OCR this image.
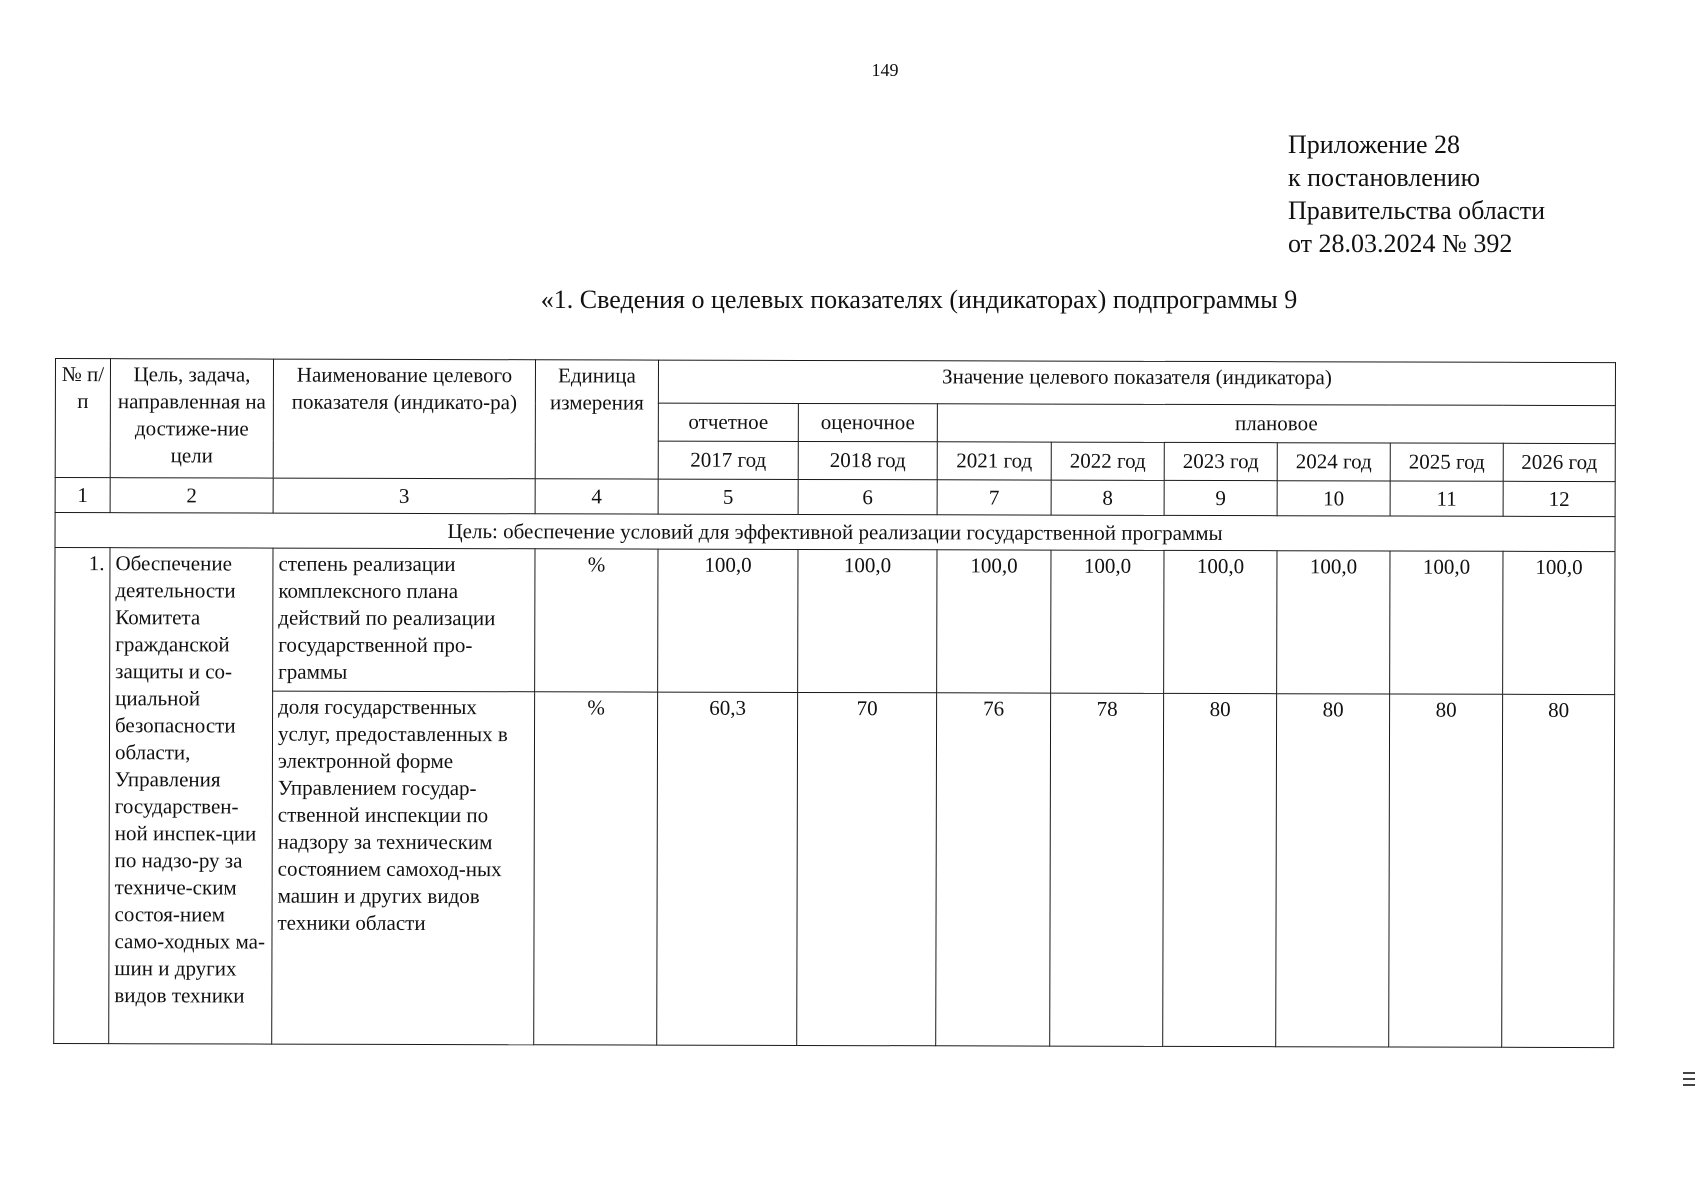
149
Приложение 28
к постановлению
Правительства области
от 28.03.2024 № 392
«1. Сведения о целевых показателях (индикаторах) подпрограммы 9
№ п/п	Цель, задача, направленная на достиже-ние цели	Наименование целевого показателя (индикато-ра)	Единица измерения	Значение целевого показателя (индикатора)							
				отчетное	оценочное	плановое					
				2017 год	2018 год	2021 год	2022 год	2023 год	2024 год	2025 год	2026 год
1	2	3	4	5	6	7	8	9	10	11	12
Цель: обеспечение условий для эффективной реализации государственной программы											
1.	Обеспечение деятельности Комитета гражданской защиты и со-циальной безопасности области, Управления государствен-ной инспек-ции по надзо-ру за техниче-ским состоя-нием само-ходных ма-шин и других видов техники	степень реализации комплексного плана действий по реализации государственной про-граммы	%	100,0	100,0	100,0	100,0	100,0	100,0	100,0	100,0
		доля государственных услуг, предоставленных в электронной форме Управлением государ-ственной инспекции по надзору за техническим состоянием самоход-ных машин и других видов техники области	%	60,3	70	76	78	80	80	80	80
